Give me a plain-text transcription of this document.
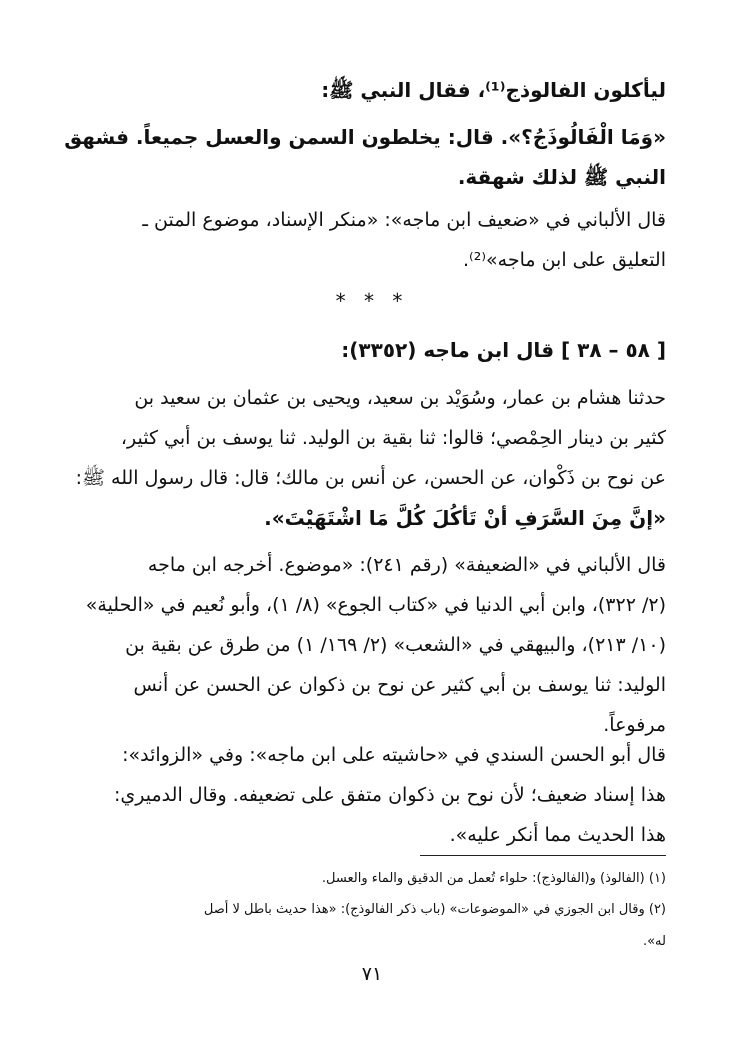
ليأكلون الفالوذج⁽¹⁾، فقال النبي ﷺ:

«وَمَا الْفَالُوذَجُ؟». قال: يخلطون السمن والعسل جميعاً. فشهق
النبي ﷺ لذلك شهقة.

قال الألباني في «ضعيف ابن ماجه»: «منكر الإسناد، موضوع المتن ـ
التعليق على ابن ماجه»⁽²⁾.

* * *

[ ٥٨ – ٣٨ ] قال ابن ماجه (٣٣٥٢):

حدثنا هشام بن عمار، وسُوَيْد بن سعيد، ويحيى بن عثمان بن سعيد بن
كثير بن دينار الحِمْصي؛ قالوا: ثنا بقية بن الوليد. ثنا يوسف بن أبي كثير،
عن نوح بن ذَكْوان، عن الحسن، عن أنس بن مالك؛ قال: قال رسول الله ﷺ:

«إنَّ مِنَ السَّرَفِ أنْ تَأكُلَ كُلَّ مَا اشْتَهَيْتَ».

قال الألباني في «الضعيفة» (رقم ٢٤١): «موضوع. أخرجه ابن ماجه
(٢/ ٣٢٢)، وابن أبي الدنيا في «كتاب الجوع» (٨/ ١)، وأبو نُعيم في «الحلية»
(١٠/ ٢١٣)، والبيهقي في «الشعب» (٢/ ١٦٩/ ١) من طرق عن بقية بن
الوليد: ثنا يوسف بن أبي كثير عن نوح بن ذكوان عن الحسن عن أنس
مرفوعاً.

قال أبو الحسن السندي في «حاشيته على ابن ماجه»: وفي «الزوائد»:
هذا إسناد ضعيف؛ لأن نوح بن ذكوان متفق على تضعيفه. وقال الدميري:
هذا الحديث مما أنكر عليه».

(١) (الفالوذ) و(الفالوذج): حلواء تُعمل من الدقيق والماء والعسل.

(٢) وقال ابن الجوزي في «الموضوعات» (باب ذكر الفالوذج): «هذا حديث باطل لا أصل
له».

٧١
